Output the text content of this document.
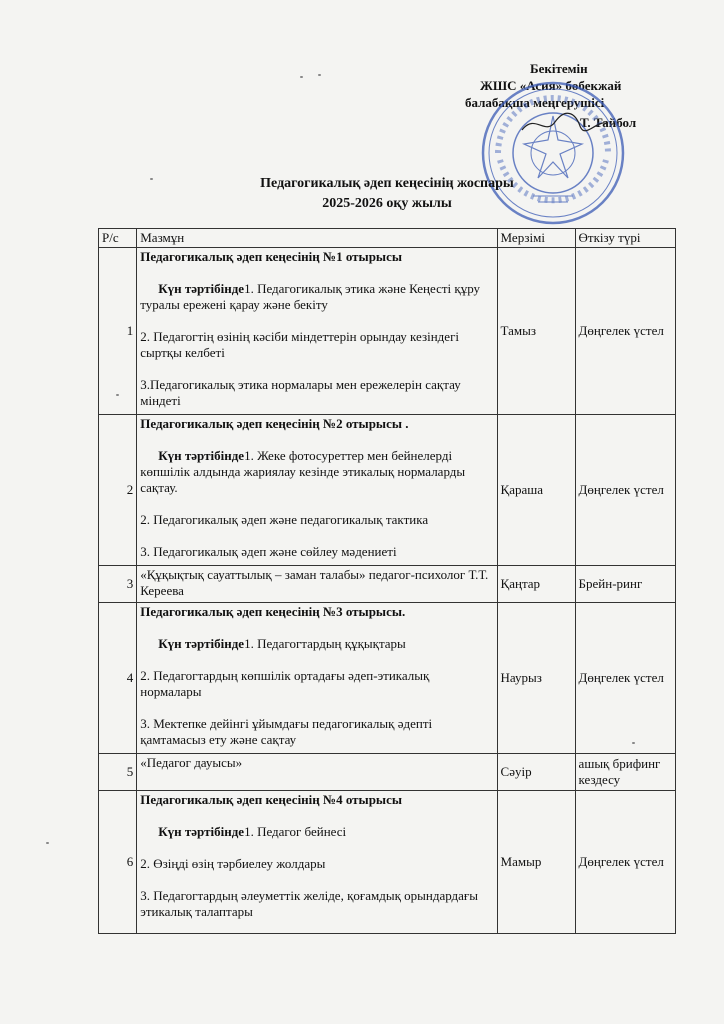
Бекітемін
ЖШС «Асия» бөбекжай
балабақша меңгерушісі
Т. Тайбол
Педагогикалық әдеп кеңесінің жоспары
2025-2026 оқу жылы
Р/с	Мазмұн	Мерзімі	Өткізу түрі
1	Педагогикалық әдеп кеңесінің №1 отырысы
Күн тәртібінде1. Педагогикалық этика және Кеңесті құру туралы ережені қарау және бекіту
2. Педагогтің өзінің кәсіби міндеттерін орындау кезіндегі сыртқы келбеті
3.Педагогикалық этика нормалары мен ережелерін сақтау міндеті	Тамыз	Дөңгелек үстел
2	Педагогикалық әдеп кеңесінің №2 отырысы .
Күн тәртібінде1. Жеке фотосуреттер мен бейнелерді көпшілік алдында жариялау кезінде этикалық нормаларды сақтау.
2. Педагогикалық әдеп және педагогикалық тактика
3. Педагогикалық әдеп және сөйлеу мәдениеті	Қараша	Дөңгелек үстел
3	«Құқықтық сауаттылық – заман талабы» педагог-психолог Т.Т. Кереева	Қаңтар	Брейн-ринг
4	Педагогикалық әдеп кеңесінің №3 отырысы.
Күн тәртібінде1. Педагогтардың құқықтары
2. Педагогтардың көпшілік ортадағы әдеп-этикалық нормалары
3. Мектепке дейінгі ұйымдағы педагогикалық әдепті қамтамасыз ету және сақтау	Наурыз	Дөңгелек үстел
5	«Педагог дауысы»	Сәуір	ашық брифинг кездесу
6	Педагогикалық әдеп кеңесінің №4 отырысы
Күн тәртібінде1. Педагог бейнесі
2. Өзіңді өзің тәрбиелеу жолдары
3. Педагогтардың әлеуметтік желіде, қоғамдық орындардағы этикалық талаптары	Мамыр	Дөңгелек үстел
